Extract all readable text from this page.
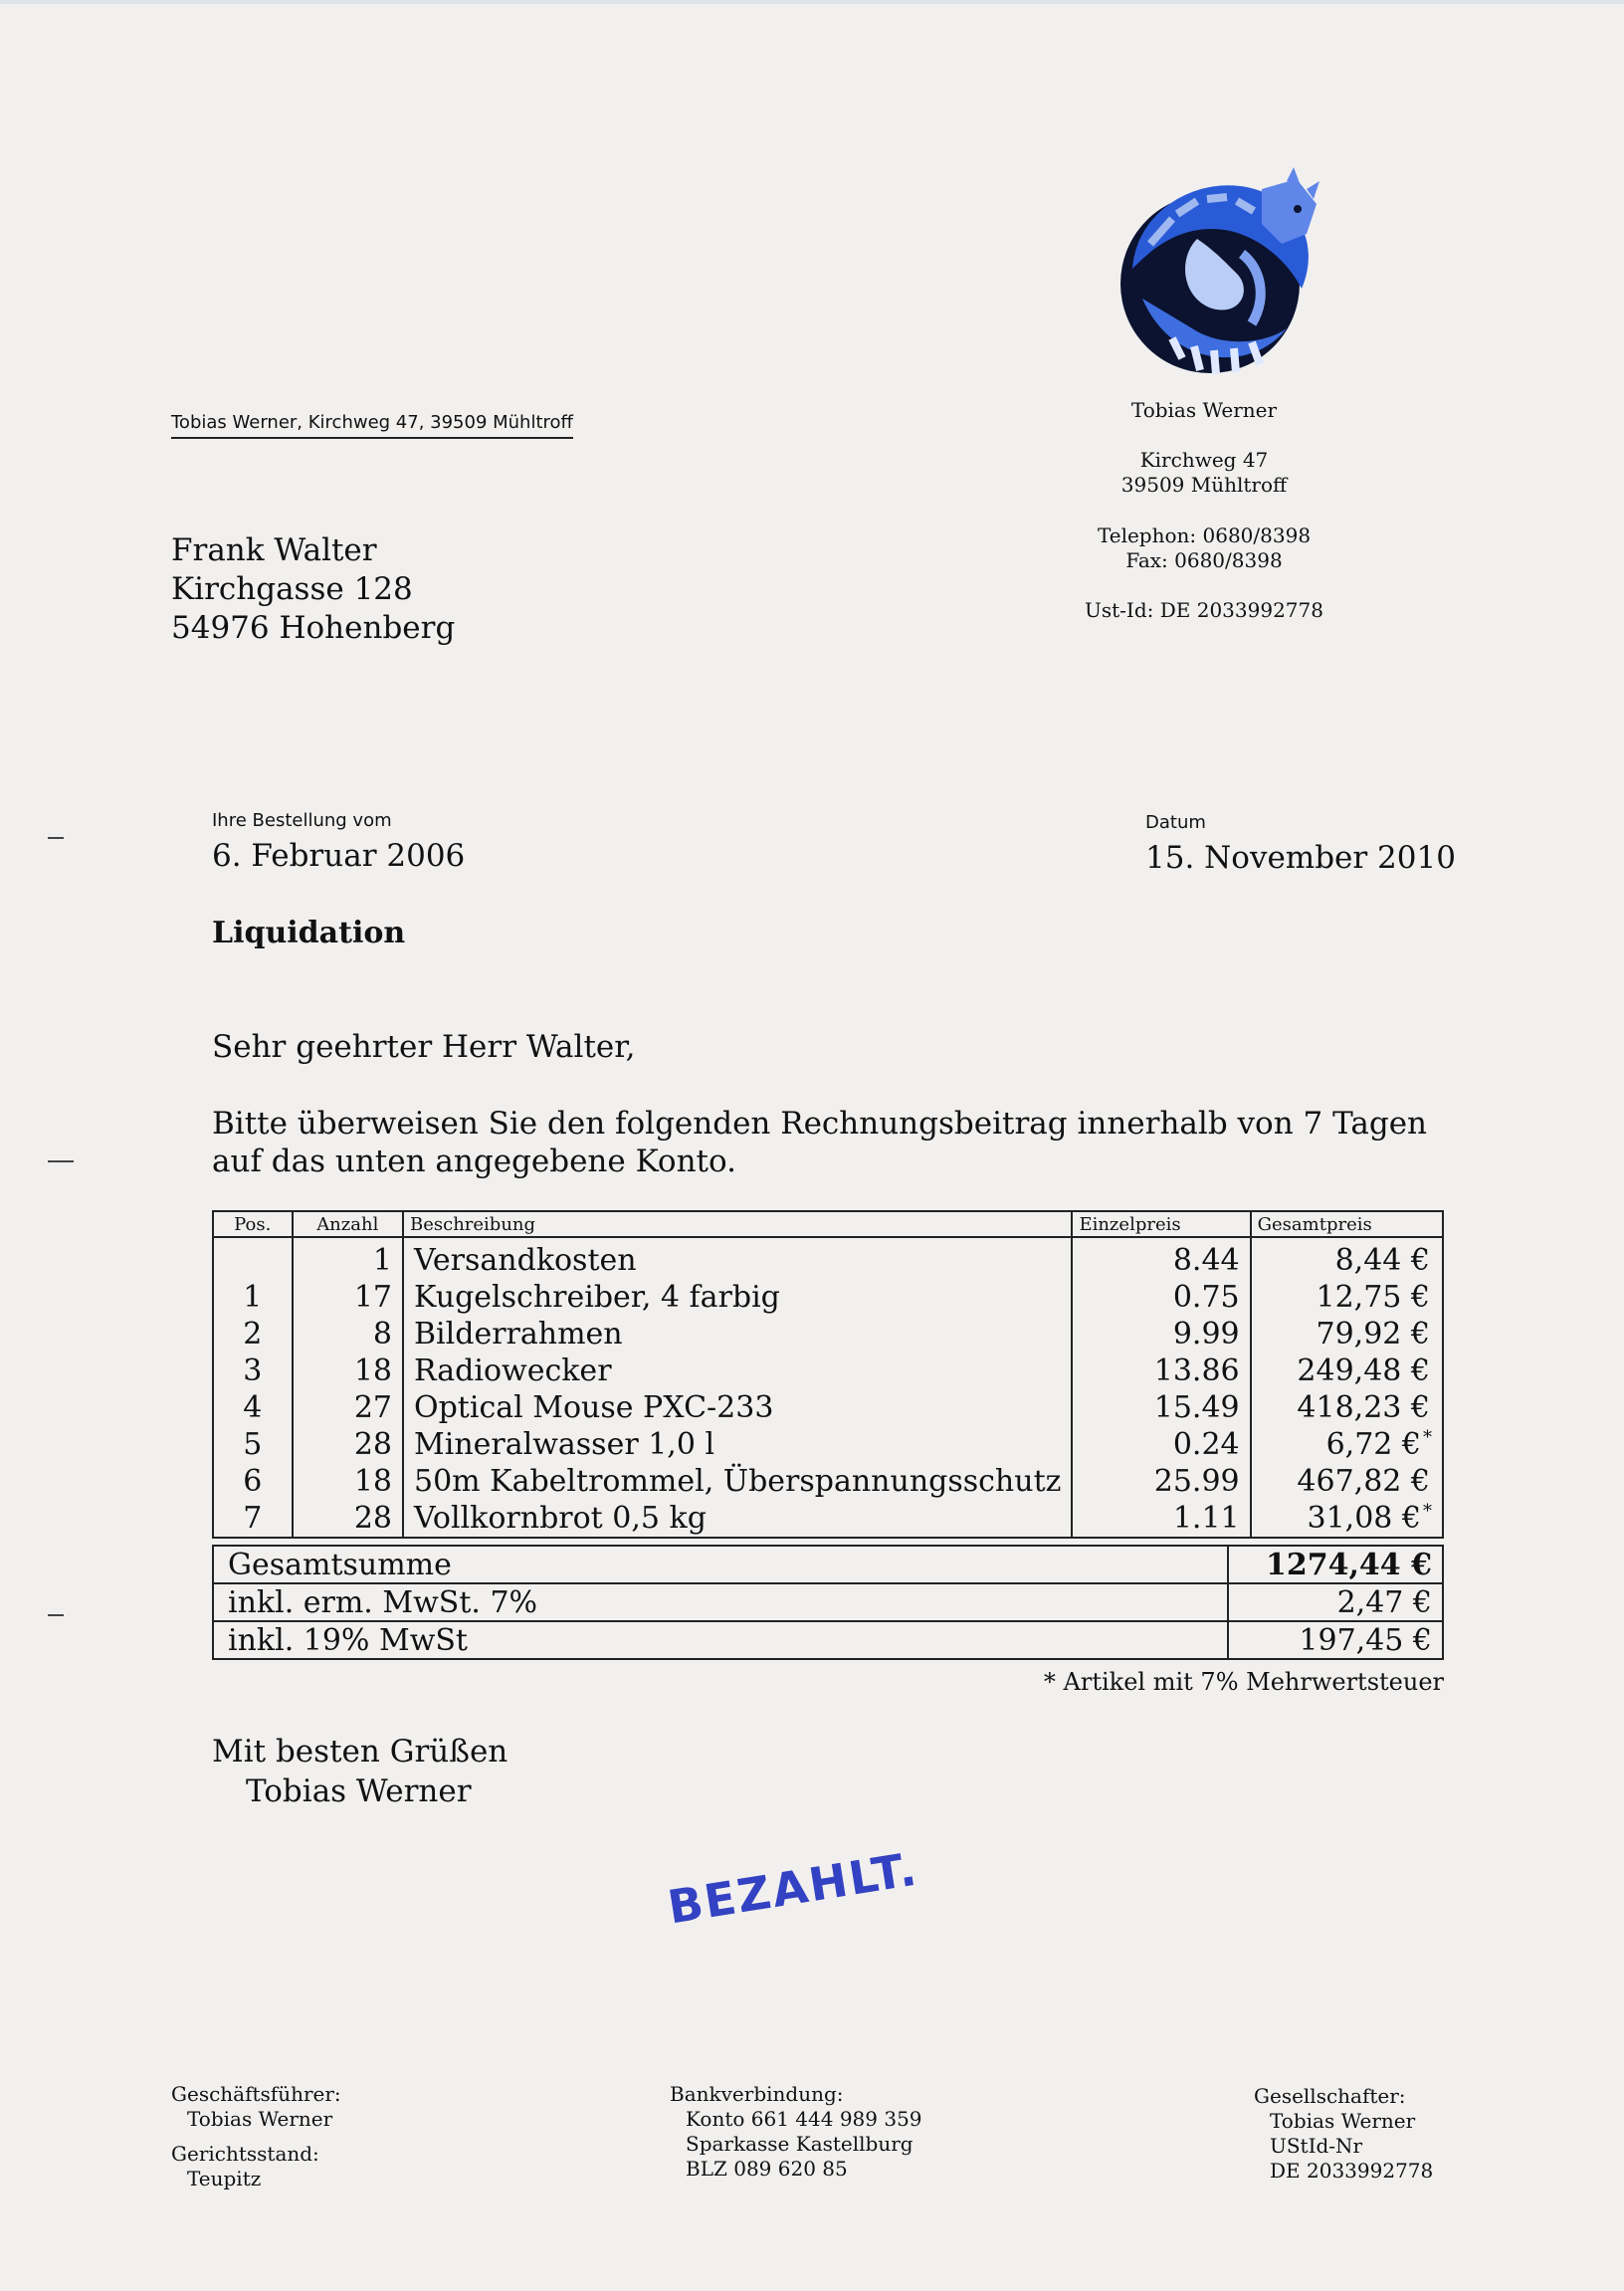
Tobias Werner, Kirchweg 47, 39509 Mühltroff
Frank Walter
Kirchgasse 128
54976 Hohenberg
Tobias Werner
Kirchweg 47
39509 Mühltroff
Telephon: 0680/8398
Fax: 0680/8398
Ust-Id: DE 2033992778
Ihre Bestellung vom
6. Februar 2006
Datum
15. November 2010
Liquidation
Sehr geehrter Herr Walter,
Bitte überweisen Sie den folgenden Rechnungsbeitrag innerhalb von 7 Tagen
auf das unten angegebene Konto.
Pos.	Anzahl	Beschreibung	Einzelpreis	Gesamtpreis
	1	Versandkosten	8.44	8,44 €
1	17	Kugelschreiber, 4 farbig	0.75	12,75 €
2	8	Bilderrahmen	9.99	79,92 €
3	18	Radiowecker	13.86	249,48 €
4	27	Optical Mouse PXC-233	15.49	418,23 €
5	28	Mineralwasser 1,0 l	0.24	6,72 € *
6	18	50m Kabeltrommel, Überspannungsschutz	25.99	467,82 €
7	28	Vollkornbrot 0,5 kg	1.11	31,08 € *
Gesamtsumme	1274,44 €
inkl. erm. MwSt. 7%	2,47 €
inkl. 19% MwSt	197,45 €
* Artikel mit 7% Mehrwertsteuer
Mit besten Grüßen
Tobias Werner
BEZAHLT.
Geschäftsführer:
Tobias Werner
Gerichtsstand:
Teupitz
Bankverbindung:
Konto 661 444 989 359
Sparkasse Kastellburg
BLZ 089 620 85
Gesellschafter:
Tobias Werner
UStId-Nr
DE 2033992778
